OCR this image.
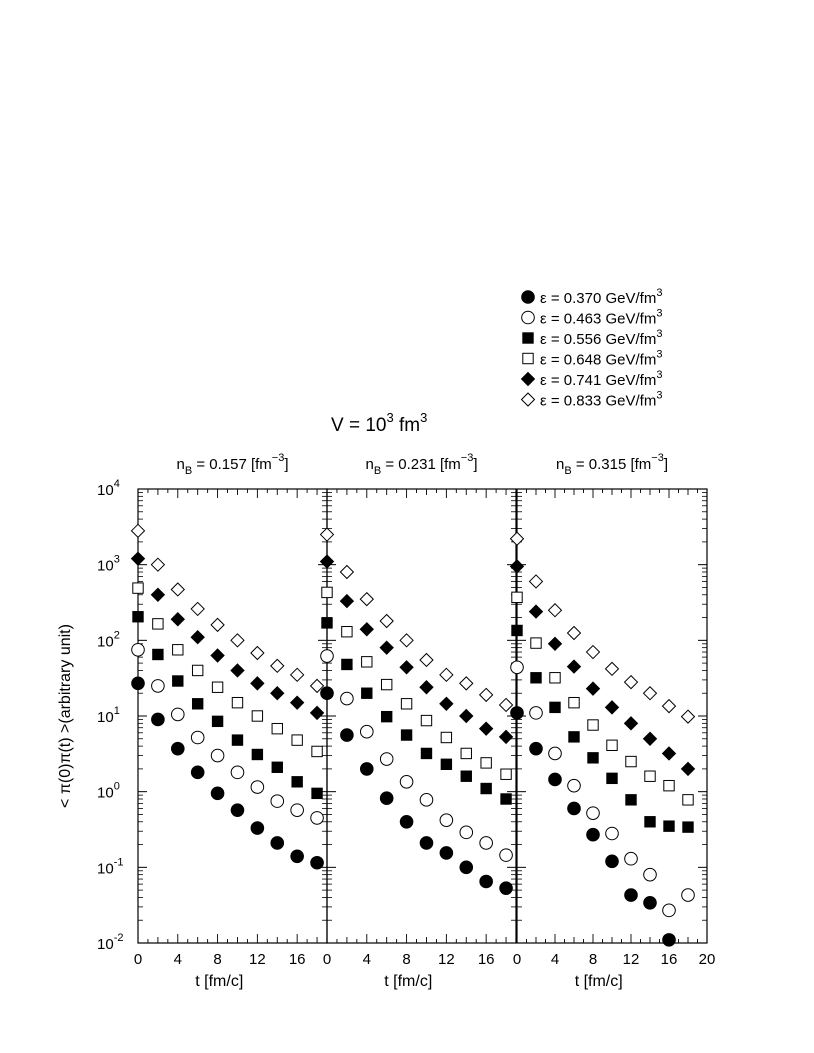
ε = 0.370 GeV/$fm^3$
ε = 0.463 GeV/$fm^3$
ε = 0.556 GeV/$fm^3$
ε = 0.648 GeV/$fm^3$
ε = 0.741 GeV/$fm^3$
ε = 0.833 GeV/$fm^3$
$V = 10^3$ $fm^3$
0 4 8 12 16
t [fm/c]
$n_B = 0.157$ $[fm^{-3}]$
0 4 8 12 16
t [fm/c]
$n_B = 0.231$ $[fm^{-3}]$
0 4 8 12 16 20
t [fm/c]
$n_B = 0.315$ $[fm^{-3}]$
< π(0)π(t) >(arbitrary unit)
$10^{-2}$
$10^{-1}$
$10^0$
$10^1$
$10^2$
$10^3$
$10^4$
